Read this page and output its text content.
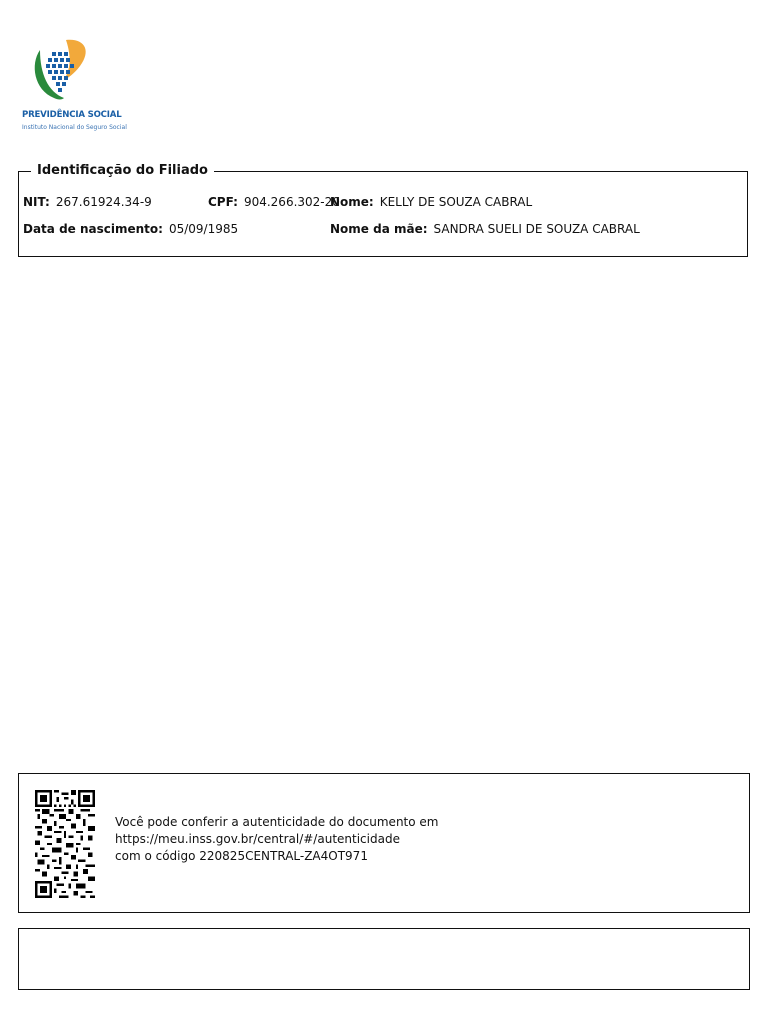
PREVIDÊNCIA SOCIAL
Instituto Nacional do Seguro Social
Identificação do Filiado
NIT: 267.61924.34-9	CPF: 904.266.302-20
Nome: KELLY DE SOUZA CABRAL
Data de nascimento: 05/09/1985	Nome da mãe: SANDRA SUELI DE SOUZA CABRAL
Você pode conferir a autenticidade do documento em
https://meu.inss.gov.br/central/#/autenticidade
com o código 220825CENTRAL-ZA4OT971
